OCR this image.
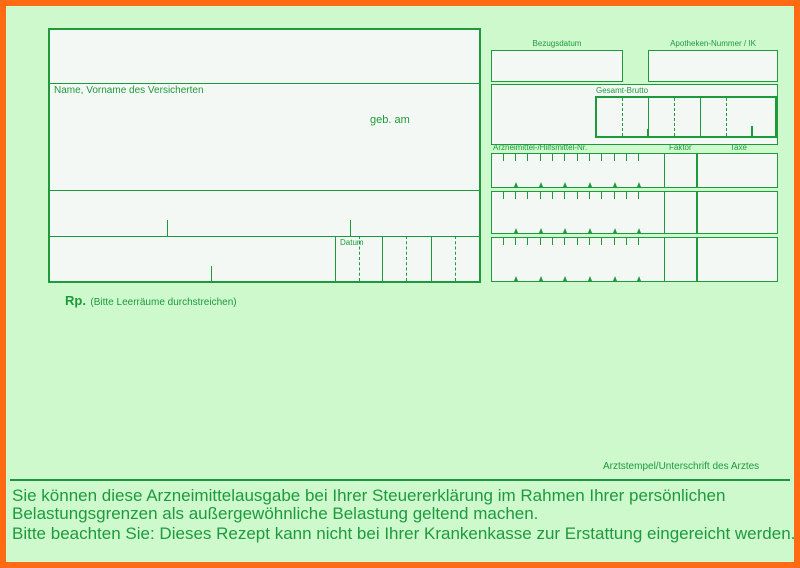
Name, Vorname des Versicherten
geb. am
Datum
Rp. (Bitte Leerräume durchstreichen)
Bezugsdatum	Apotheken-Nummer / IK
Gesamt-Brutto
Arzneimittel-/Hilfsmittel-Nr.	Faktor	Taxe
Arztstempel/Unterschrift des Arztes
Sie können diese Arzneimittelausgabe bei Ihrer Steuererklärung im Rahmen Ihrer persönlichen
Belastungsgrenzen als außergewöhnliche Belastung geltend machen.
Bitte beachten Sie: Dieses Rezept kann nicht bei Ihrer Krankenkasse zur Erstattung eingereicht werden.
